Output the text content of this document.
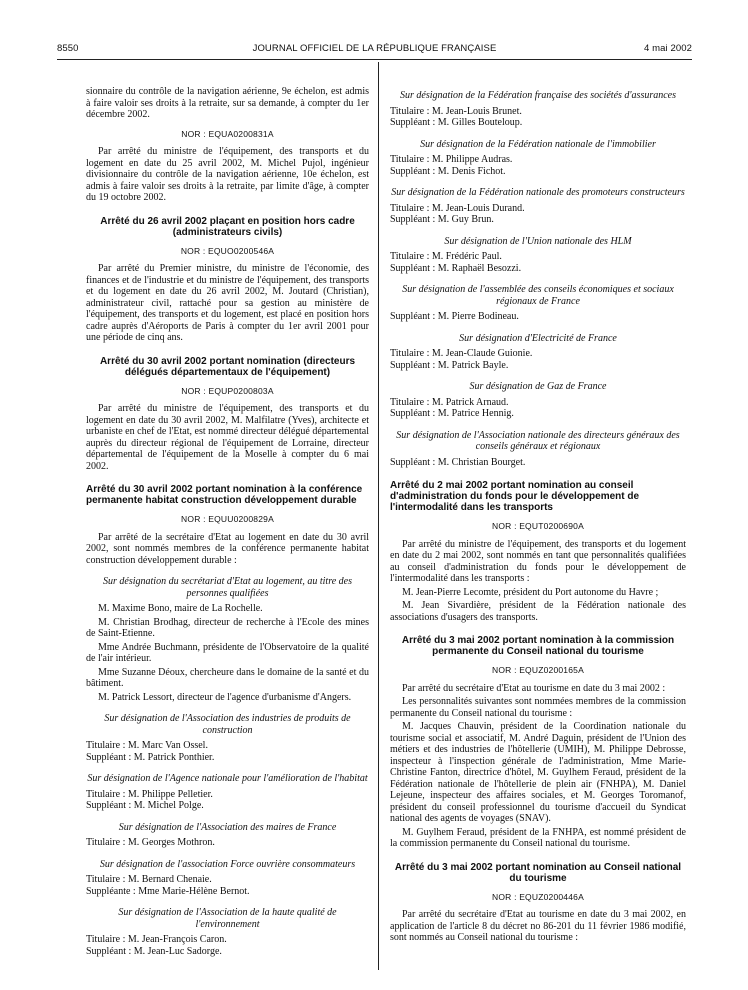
8550	JOURNAL OFFICIEL DE LA RÉPUBLIQUE FRANÇAISE	4 mai 2002

sionnaire du contrôle de la navigation aérienne, 9e échelon, est admis à faire valoir ses droits à la retraite, sur sa demande, à compter du 1er décembre 2002.

NOR : EQUA0200831A

Par arrêté du ministre de l'équipement, des transports et du logement en date du 25 avril 2002, M. Michel Pujol, ingénieur divisionnaire du contrôle de la navigation aérienne, 10e échelon, est admis à faire valoir ses droits à la retraite, par limite d'âge, à compter du 19 octobre 2002.

Arrêté du 26 avril 2002 plaçant en position hors cadre (administrateurs civils)

NOR : EQUO0200546A

Par arrêté du Premier ministre, du ministre de l'économie, des finances et de l'industrie et du ministre de l'équipement, des transports et du logement en date du 26 avril 2002, M. Joutard (Christian), administrateur civil, rattaché pour sa gestion au ministère de l'équipement, des transports et du logement, est placé en position hors cadre auprès d'Aéroports de Paris à compter du 1er avril 2001 pour une période de cinq ans.

Arrêté du 30 avril 2002 portant nomination (directeurs délégués départementaux de l'équipement)

NOR : EQUP0200803A

Par arrêté du ministre de l'équipement, des transports et du logement en date du 30 avril 2002, M. Malfilatre (Yves), architecte et urbaniste en chef de l'Etat, est nommé directeur délégué départemental auprès du directeur régional de l'équipement de Lorraine, directeur départemental de l'équipement de la Moselle à compter du 6 mai 2002.

Arrêté du 30 avril 2002 portant nomination à la conférence permanente habitat construction développement durable

NOR : EQUU0200829A

Par arrêté de la secrétaire d'Etat au logement en date du 30 avril 2002, sont nommés membres de la conférence permanente habitat construction développement durable :

Sur désignation du secrétariat d'Etat au logement, au titre des personnes qualifiées

M. Maxime Bono, maire de La Rochelle.

M. Christian Brodhag, directeur de recherche à l'Ecole des mines de Saint-Etienne.

Mme Andrée Buchmann, présidente de l'Observatoire de la qualité de l'air intérieur.

Mme Suzanne Déoux, chercheure dans le domaine de la santé et du bâtiment.

M. Patrick Lessort, directeur de l'agence d'urbanisme d'Angers.

Sur désignation de l'Association des industries de produits de construction

Titulaire : M. Marc Van Ossel.

Suppléant : M. Patrick Ponthier.

Sur désignation de l'Agence nationale pour l'amélioration de l'habitat

Titulaire : M. Philippe Pelletier.

Suppléant : M. Michel Polge.

Sur désignation de l'Association des maires de France

Titulaire : M. Georges Mothron.

Sur désignation de l'association Force ouvrière consommateurs

Titulaire : M. Bernard Chenaie.

Suppléante : Mme Marie-Hélène Bernot.

Sur désignation de l'Association de la haute qualité de l'environnement

Titulaire : M. Jean-François Caron.

Suppléant : M. Jean-Luc Sadorge.

Sur désignation de la Fédération française des sociétés d'assurances

Titulaire : M. Jean-Louis Brunet.

Suppléant : M. Gilles Bouteloup.

Sur désignation de la Fédération nationale de l'immobilier

Titulaire : M. Philippe Audras.

Suppléant : M. Denis Fichot.

Sur désignation de la Fédération nationale des promoteurs constructeurs

Titulaire : M. Jean-Louis Durand.

Suppléant : M. Guy Brun.

Sur désignation de l'Union nationale des HLM

Titulaire : M. Frédéric Paul.

Suppléant : M. Raphaël Besozzi.

Sur désignation de l'assemblée des conseils économiques et sociaux régionaux de France

Suppléant : M. Pierre Bodineau.

Sur désignation d'Electricité de France

Titulaire : M. Jean-Claude Guionie.

Suppléant : M. Patrick Bayle.

Sur désignation de Gaz de France

Titulaire : M. Patrick Arnaud.

Suppléant : M. Patrice Hennig.

Sur désignation de l'Association nationale des directeurs généraux des conseils généraux et régionaux

Suppléant : M. Christian Bourget.

Arrêté du 2 mai 2002 portant nomination au conseil d'administration du fonds pour le développement de l'intermodalité dans les transports

NOR : EQUT0200690A

Par arrêté du ministre de l'équipement, des transports et du logement en date du 2 mai 2002, sont nommés en tant que personnalités qualifiées au conseil d'administration du fonds pour le développement de l'intermodalité dans les transports :

M. Jean-Pierre Lecomte, président du Port autonome du Havre ;

M. Jean Sivardière, président de la Fédération nationale des associations d'usagers des transports.

Arrêté du 3 mai 2002 portant nomination à la commission permanente du Conseil national du tourisme

NOR : EQUZ0200165A

Par arrêté du secrétaire d'Etat au tourisme en date du 3 mai 2002 :

Les personnalités suivantes sont nommées membres de la commission permanente du Conseil national du tourisme :

M. Jacques Chauvin, président de la Coordination nationale du tourisme social et associatif, M. André Daguin, président de l'Union des métiers et des industries de l'hôtellerie (UMIH), M. Philippe Debrosse, inspecteur à l'inspection générale de l'administration, Mme Marie-Christine Fanton, directrice d'hôtel, M. Guylhem Feraud, président de la Fédération nationale de l'hôtellerie de plein air (FNHPA), M. Daniel Lejeune, inspecteur des affaires sociales, et M. Georges Toromanof, président du conseil professionnel du tourisme d'accueil du Syndicat national des agents de voyages (SNAV).

M. Guylhem Feraud, président de la FNHPA, est nommé président de la commission permanente du Conseil national du tourisme.

Arrêté du 3 mai 2002 portant nomination au Conseil national du tourisme

NOR : EQUZ0200446A

Par arrêté du secrétaire d'Etat au tourisme en date du 3 mai 2002, en application de l'article 8 du décret no 86-201 du 11 février 1986 modifié, sont nommés au Conseil national du tourisme :
